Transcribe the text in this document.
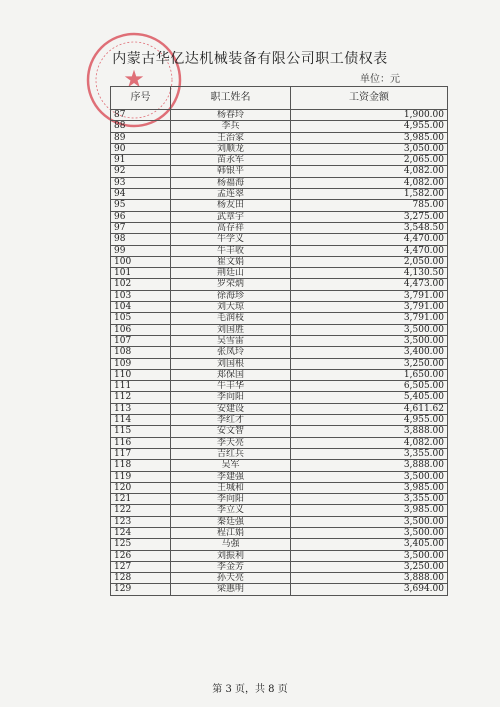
★
内蒙古华亿达机械装备有限公司职工债权表
单位：元
序号	职工姓名	工资金额
87	杨春玲	1,900.00
88	李兵	4,955.00
89	王治家	3,985.00
90	刘顺龙	3,050.00
91	苗永军	2,065.00
92	韩银平	4,082.00
93	杨福海	4,082.00
94	孟连翠	1,582.00
95	杨友田	785.00
96	武章宇	3,275.00
97	高存祥	3,548.50
98	牛学义	4,470.00
99	牛丰收	4,470.00
100	崔文娟	2,050.00
101	荆廷山	4,130.50
102	罗荣炳	4,473.00
103	徐海珍	3,791.00
104	刘大琼	3,791.00
105	毛润枝	3,791.00
106	刘国胜	3,500.00
107	吴雪雷	3,500.00
108	张凤玲	3,400.00
109	刘国根	3,250.00
110	郑保国	1,650.00
111	牛丰华	6,505.00
112	李向阳	5,405.00
113	安建设	4,611.62
114	李红才	4,955.00
115	安文智	3,888.00
116	李天亮	4,082.00
117	吉红兵	3,355.00
118	吴军	3,888.00
119	李建强	3,500.00
120	王城和	3,985.00
121	李向阳	3,355.00
122	李立义	3,985.00
123	秦廷强	3,500.00
124	程江娟	3,500.00
125	马强	3,405.00
126	刘振利	3,500.00
127	李金芳	3,250.00
128	孙天亮	3,888.00
129	梁惠明	3,694.00
第 3 页，共 8 页
